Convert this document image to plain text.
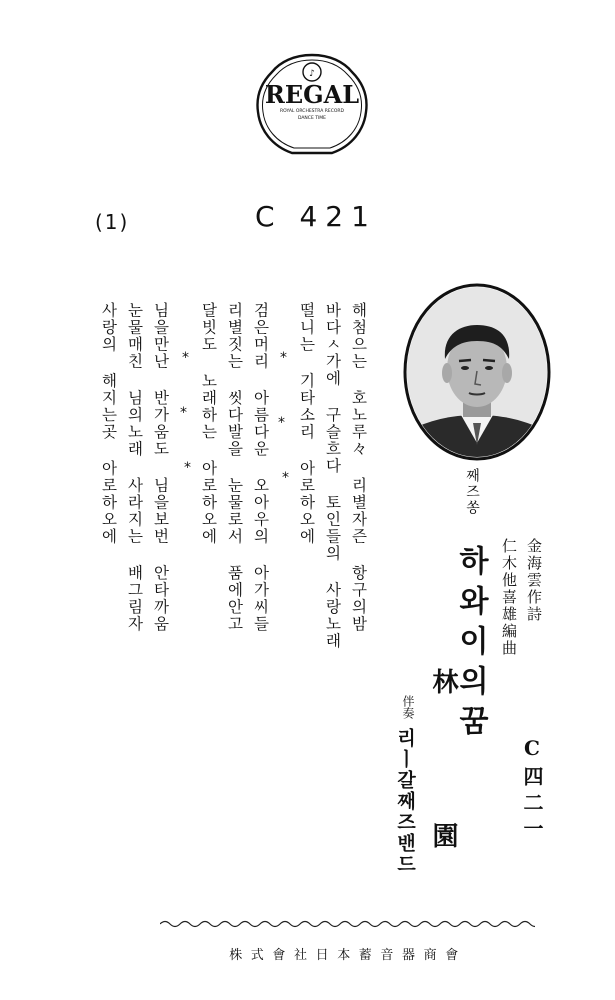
♪
REGAL
ROYAL ORCHESTRA RECORD
DANCE TIME
(1)	C 421
해첨으는 호노루々 리별자즌 항구의밤
바다ㅅ가에 구슬흐다 토인들의 사랑노래
떨니는 기타소리 아로하오에
*
*
*
검은머리 아름다운 오아우의 아가씨들
리별짓는 씻다발을 눈물로서 품에안고
달빗도 노래하는 아로하오에
*
*
*
님을만난 반가움도 님을보번 안타까움
눈물매친 님의노래 사라지는 배그림자
사랑의 해지는곳 아로하오에	째즈쏭
金海雲作詩
仁木他喜雄編曲
하와이의꿈
林園
伴奏
리ㅣ갈째즈밴드	C四二一
株式會社日本蓄音器商會
